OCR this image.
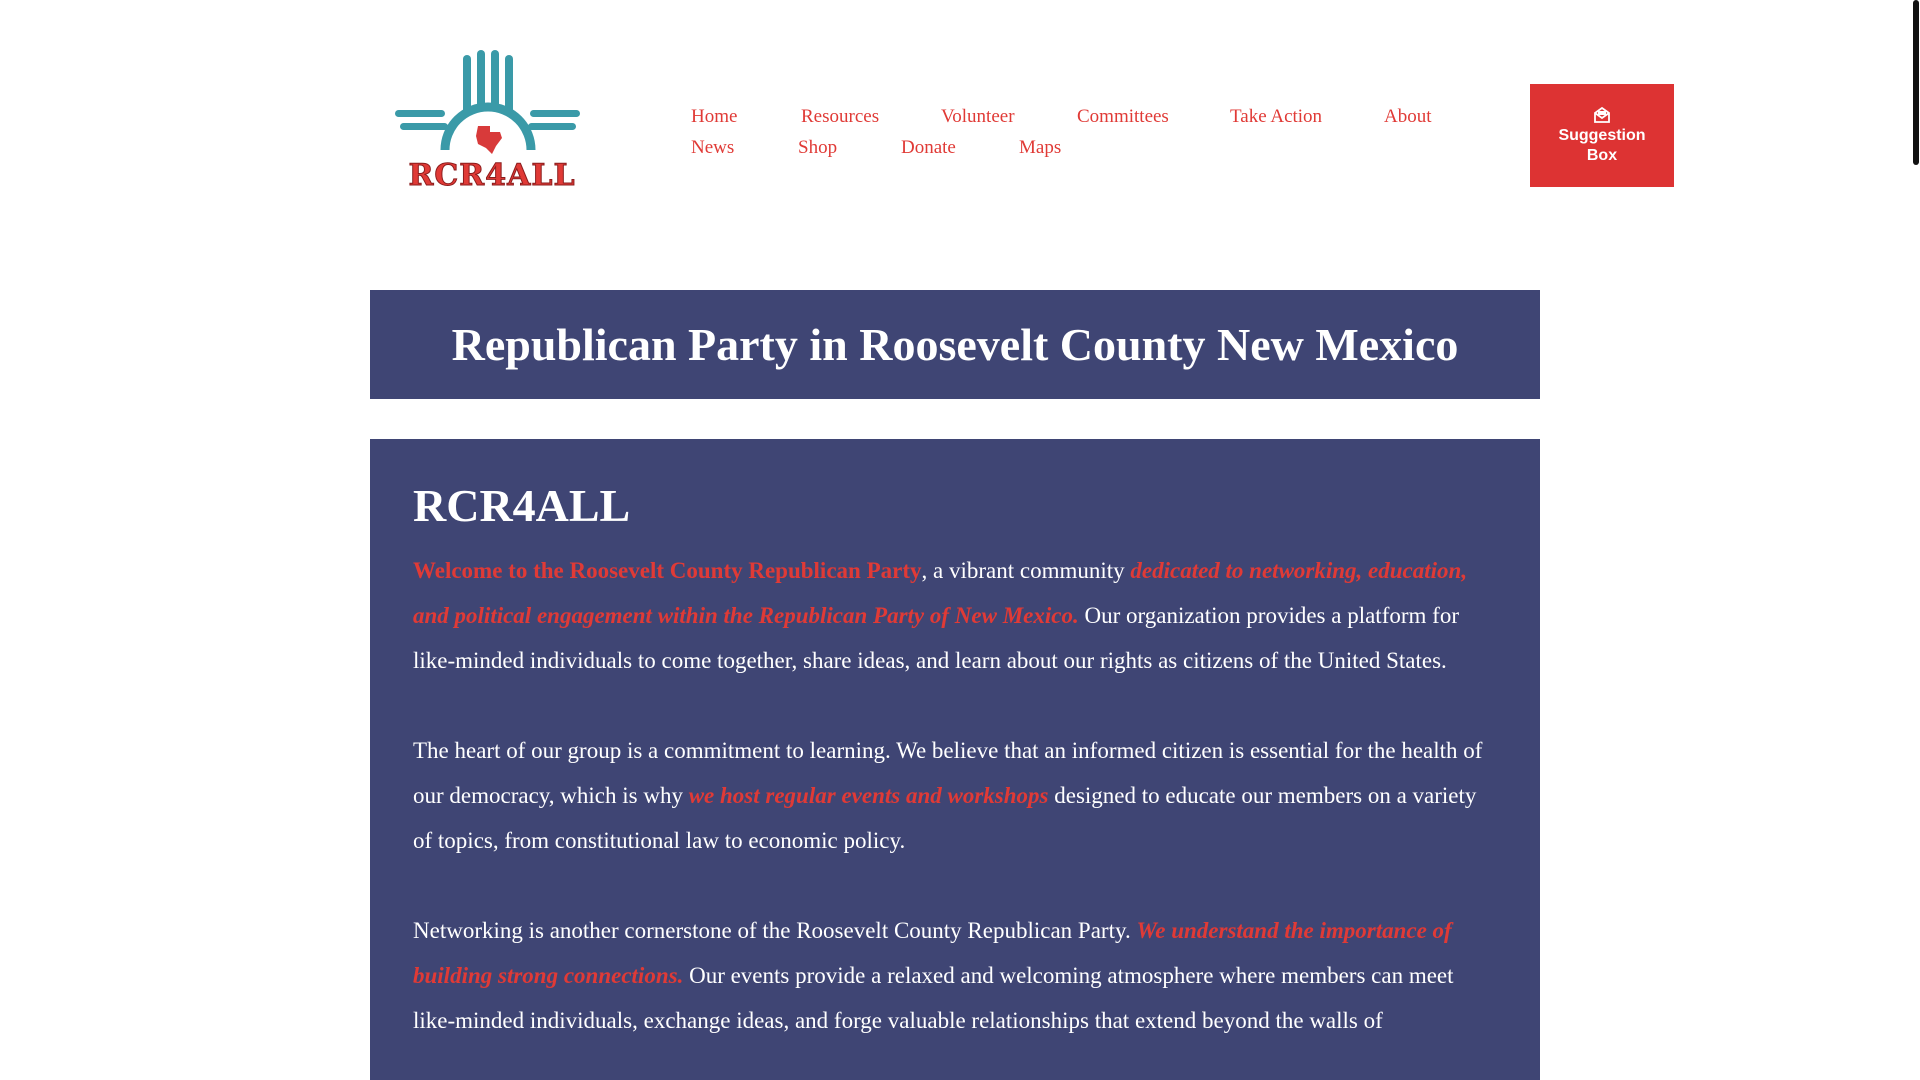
RCR4ALL
Home	Resources	Volunteer	Committees	Take Action	About
News	Shop	Donate	Maps
Suggestion Box
Republican Party in Roosevelt County New Mexico
RCR4ALL

Welcome to the Roosevelt County Republican Party, a vibrant community dedicated to networking, education, and political engagement within the Republican Party of New Mexico. Our organization provides a platform for like-minded individuals to come together, share ideas, and learn about our rights as citizens of the United States.

The heart of our group is a commitment to learning. We believe that an informed citizen is essential for the health of our democracy, which is why we host regular events and workshops designed to educate our members on a variety of topics, from constitutional law to economic policy.

Networking is another cornerstone of the Roosevelt County Republican Party. We understand the importance of building strong connections. Our events provide a relaxed and welcoming atmosphere where members can meet like-minded individuals, exchange ideas, and forge valuable relationships that extend beyond the walls of
